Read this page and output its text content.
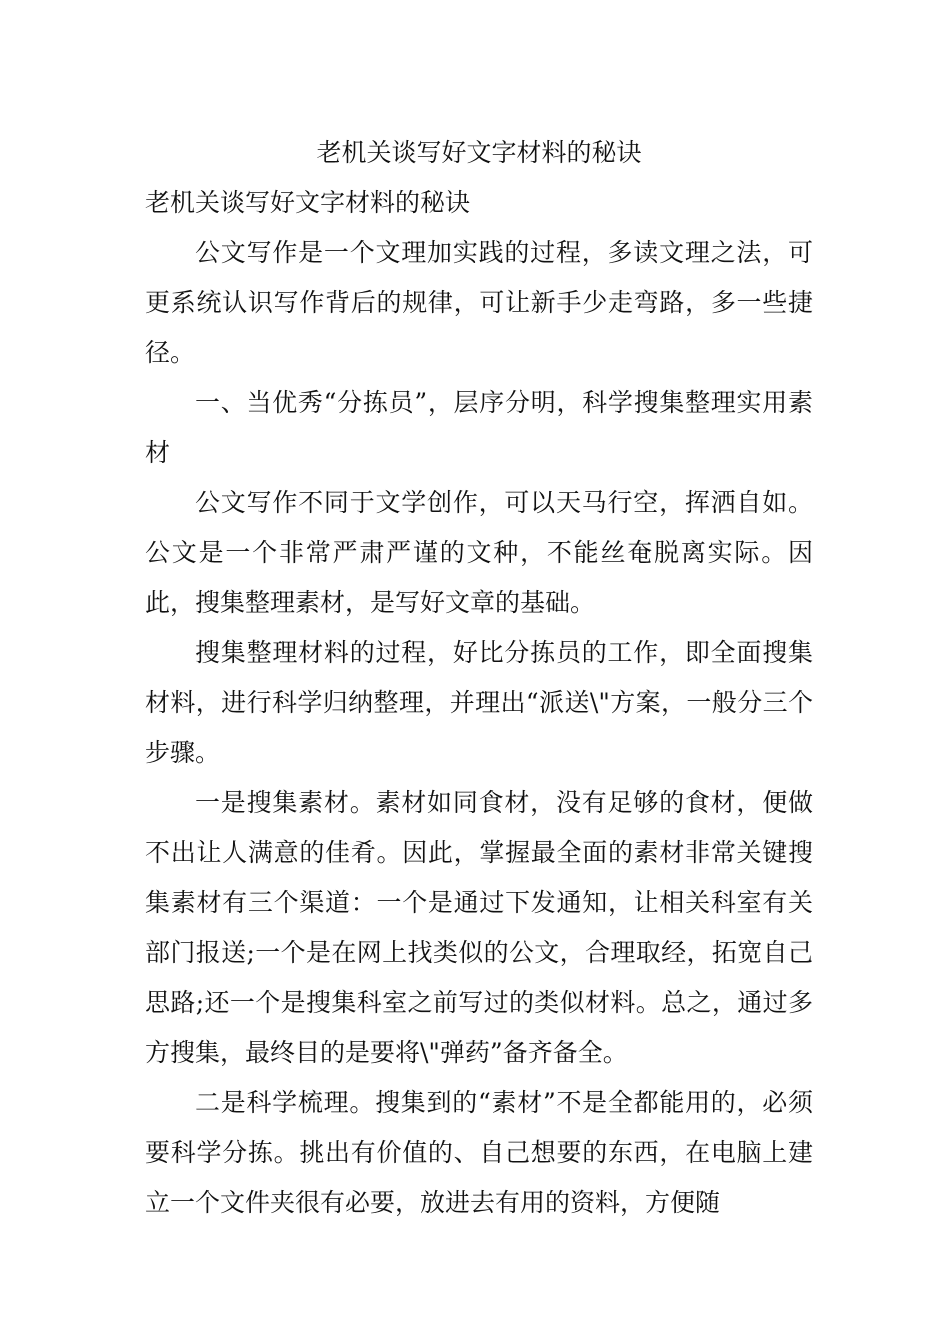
老机关谈写好文字材料的秘诀

老机关谈写好文字材料的秘诀

公文写作是一个文理加实践的过程，多读文理之法，可更系统认识写作背后的规律，可让新手少走弯路，多一些捷径。

一、当优秀“分拣员”，层序分明，科学搜集整理实用素材

公文写作不同于文学创作，可以天马行空，挥洒自如。公文是一个非常严肃严谨的文种，不能丝奄脱离实际。因此，搜集整理素材，是写好文章的基础。

搜集整理材料的过程，好比分拣员的工作，即全面搜集材料，进行科学归纳整理，并理出“派送\"方案，一般分三个步骤。

一是搜集素材。素材如同食材，没有足够的食材，便做不出让人满意的佳肴。因此，掌握最全面的素材非常关键搜集素材有三个渠道：一个是通过下发通知，让相关科室有关部门报送;一个是在网上找类似的公文，合理取经，拓宽自己思路;还一个是搜集科室之前写过的类似材料。总之，通过多方搜集，最终目的是要将\"弹药”备齐备全。

二是科学梳理。搜集到的“素材”不是全都能用的，必须要科学分拣。挑出有价值的、自己想要的东西，在电脑上建立一个文件夹很有必要，放进去有用的资料，方便随
